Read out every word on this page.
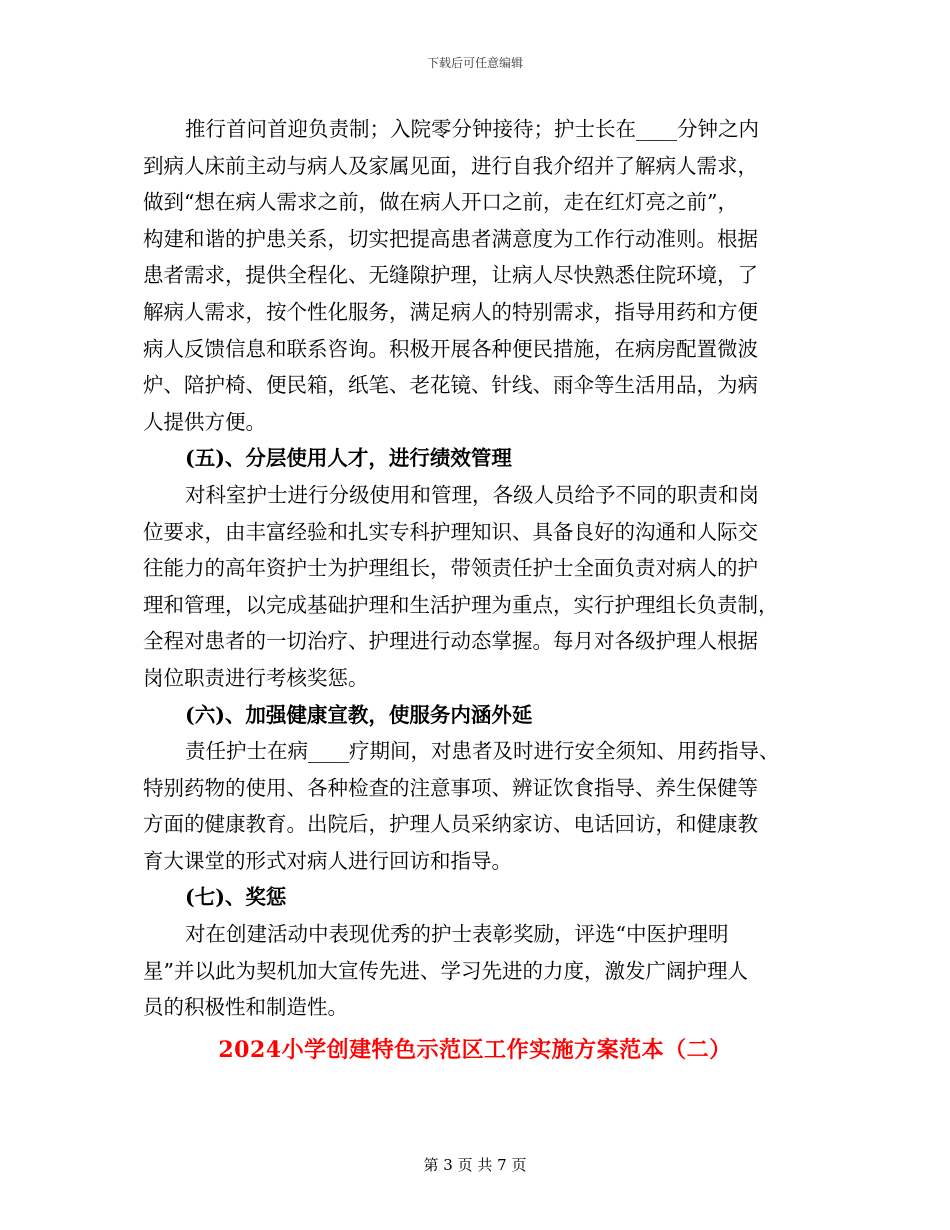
下载后可任意编辑
推行首问首迎负责制；入院零分钟接待；护士长在____分钟之内
到病人床前主动与病人及家属见面，进行自我介绍并了解病人需求，
做到“想在病人需求之前，做在病人开口之前，走在红灯亮之前”，
构建和谐的护患关系，切实把提高患者满意度为工作行动准则。根据
患者需求，提供全程化、无缝隙护理，让病人尽快熟悉住院环境，了
解病人需求，按个性化服务，满足病人的特别需求，指导用药和方便
病人反馈信息和联系咨询。积极开展各种便民措施，在病房配置微波
炉、陪护椅、便民箱，纸笔、老花镜、针线、雨伞等生活用品，为病
人提供方便。
(五)、分层使用人才，进行绩效管理
对科室护士进行分级使用和管理，各级人员给予不同的职责和岗
位要求，由丰富经验和扎实专科护理知识、具备良好的沟通和人际交
往能力的高年资护士为护理组长，带领责任护士全面负责对病人的护
理和管理，以完成基础护理和生活护理为重点，实行护理组长负责制，
全程对患者的一切治疗、护理进行动态掌握。每月对各级护理人根据
岗位职责进行考核奖惩。
(六)、加强健康宣教，使服务内涵外延
责任护士在病____疗期间，对患者及时进行安全须知、用药指导、
特别药物的使用、各种检查的注意事项、辨证饮食指导、养生保健等
方面的健康教育。出院后，护理人员采纳家访、电话回访，和健康教
育大课堂的形式对病人进行回访和指导。
(七)、奖惩
对在创建活动中表现优秀的护士表彰奖励，评选“中医护理明
星”并以此为契机加大宣传先进、学习先进的力度，激发广阔护理人
员的积极性和制造性。
2024小学创建特色示范区工作实施方案范本（二）
第 3 页 共 7 页
